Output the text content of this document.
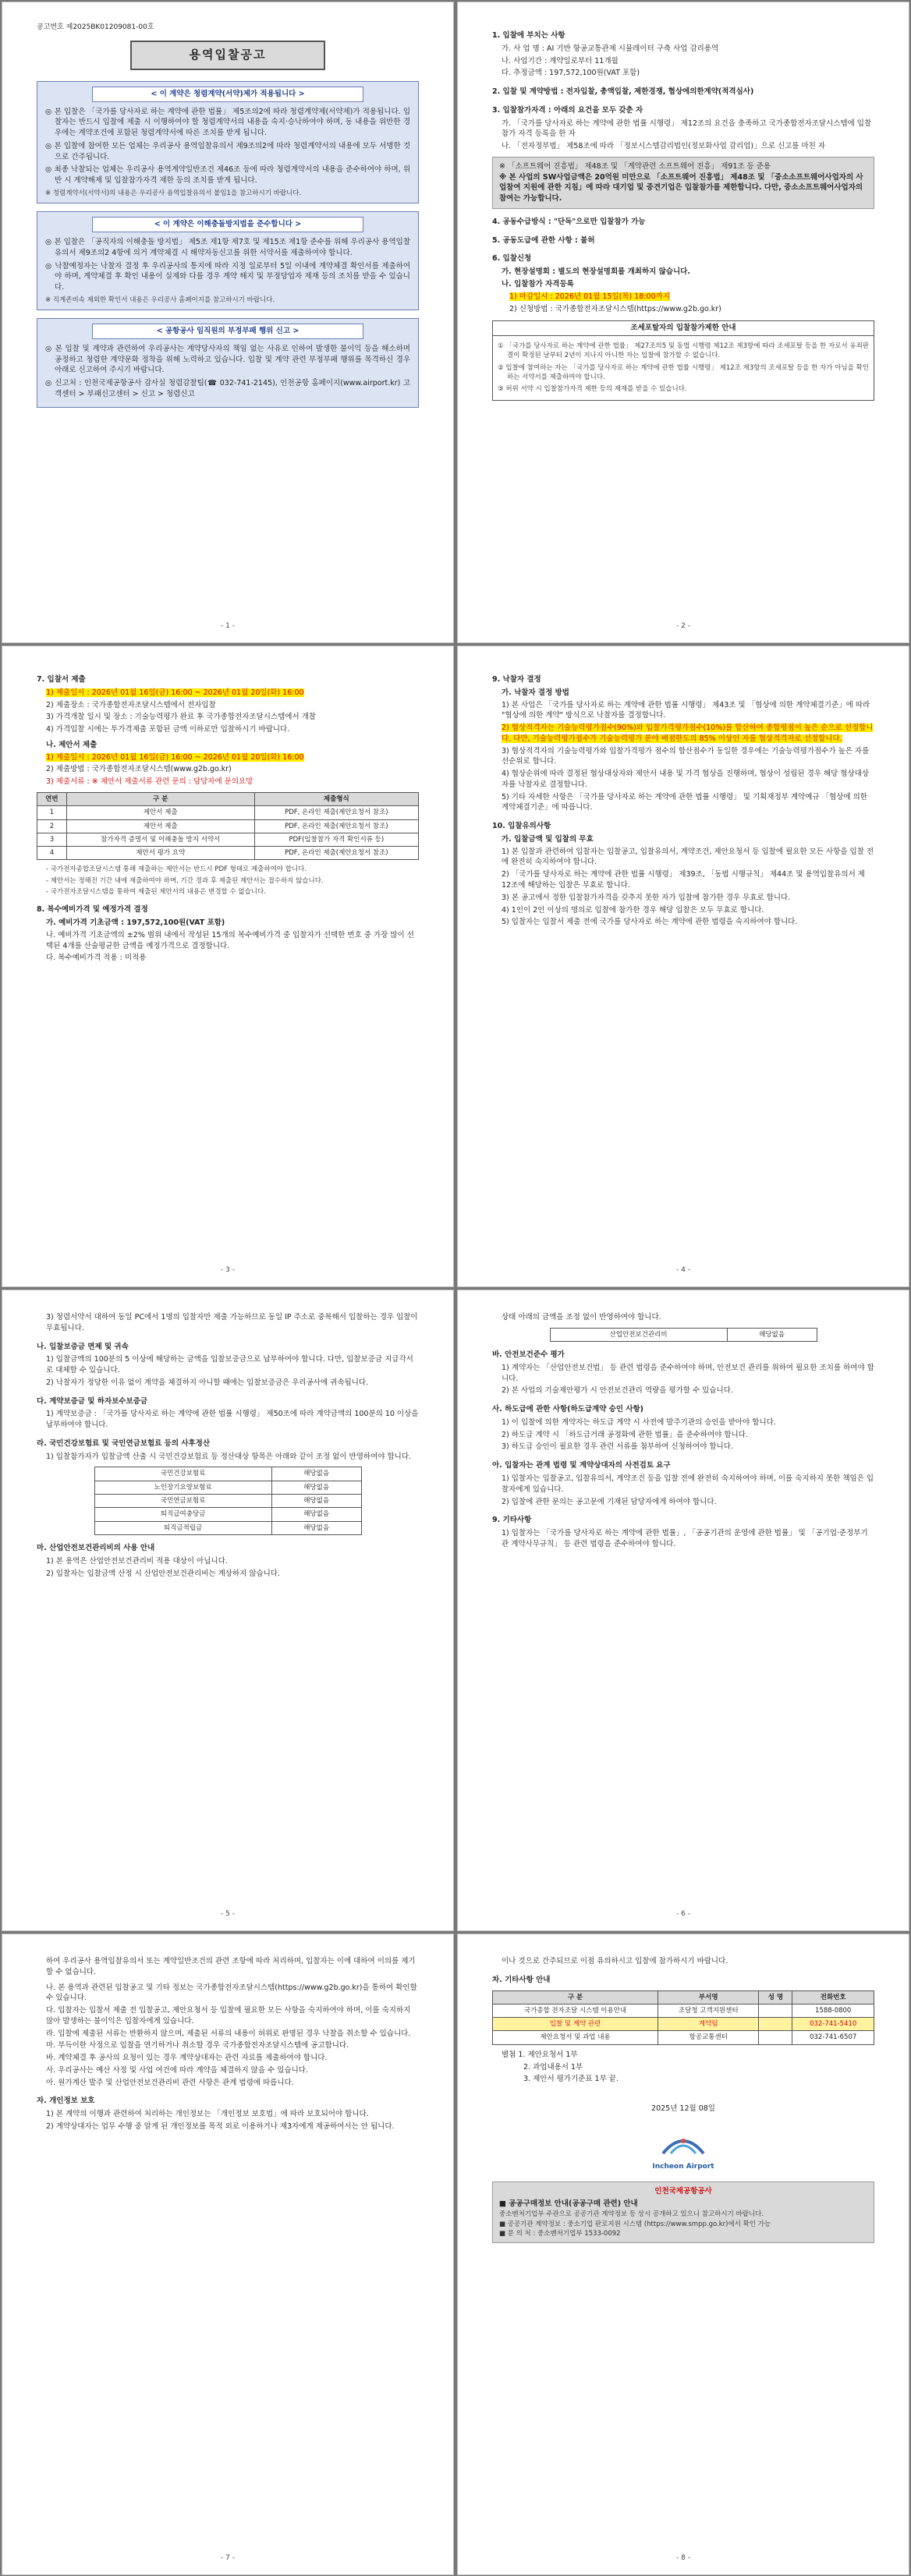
공고번호 제2025BK01209081-00호
용역입찰공고
< 이 계약은 청렴계약(서약)제가 적용됩니다 >
◎ 본 입찰은 「국가를 당사자로 하는 계약에 관한 법률」 제5조의2에 따라 청렴계약제(서약제)가 적용됩니다. 입찰자는 반드시 입찰에 제출 시 이행하여야 할 청렴계약서의 내용을 숙지·승낙하여야 하며, 동 내용을 위반한 경우에는 계약조건에 포함된 청렴계약서에 따른 조치를 받게 됩니다.
◎ 본 입찰에 참여한 모든 업체는 우리공사 용역입찰유의서 제9조의2에 따라 청렴계약서의 내용에 모두 서명한 것으로 간주됩니다.
◎ 최종 낙찰되는 업체는 우리공사 용역계약일반조건 제46조 등에 따라 청렴계약서의 내용을 준수하여야 하며, 위반 시 계약해제 및 입찰참가자격 제한 등의 조치를 받게 됩니다.
※ 청렴계약서(서약서)의 내용은 우리공사 용역입찰유의서 붙임1을 참고하시기 바랍니다.
< 이 계약은 이해충돌방지법을 준수합니다 >
◎ 본 입찰은 「공직자의 이해충돌 방지법」 제5조 제1항 제7호 및 제15조 제1항 준수를 위해 우리공사 용역입찰유의서 제9조의2 4항에 의거 계약체결 시 해약자동신고를 위한 서약서를 제출하여야 합니다.
◎ 낙찰예정자는 낙찰자 결정 후 우리공사의 통지에 따라 지정 일로부터 5일 이내에 계약체결 확인서를 제출하여야 하며, 계약체결 후 확인 내용이 실제와 다를 경우 계약 해지 및 부정당업자 제재 등의 조치를 받을 수 있습니다.
※ 직계존비속 제외한 확인서 내용은 우리공사 홈페이지를 참고하시기 바랍니다.
< 공항공사 임직원의 부정부패 행위 신고 >
◎ 본 입찰 및 계약과 관련하여 우리공사는 계약당사자의 책임 없는 사유로 인하여 발생한 불이익 등을 해소하며 공정하고 청렴한 계약문화 정착을 위해 노력하고 있습니다. 입찰 및 계약 관련 부정부패 행위를 목격하신 경우 아래로 신고하여 주시기 바랍니다.
◎ 신고처 : 인천국제공항공사 감사실 청렴감찰팀(☎ 032-741-2145), 인천공항 홈페이지(www.airport.kr) 고객센터 > 부패신고센터 > 신고 > 청렴신고
- 1 -
1. 입찰에 부치는 사항
가. 사 업 명 : AI 기반 항공교통관제 시뮬레이터 구축 사업 감리용역
나. 사업기간 : 계약일로부터 11개월
다. 추정금액 : 197,572,100원(VAT 포함)
2. 입찰 및 계약방법 : 전자입찰, 총액입찰, 제한경쟁, 협상에의한계약(적격심사)
3. 입찰참가자격 : 아래의 요건을 모두 갖춘 자
가. 「국가를 당사자로 하는 계약에 관한 법률 시행령」 제12조의 요건을 충족하고 국가종합전자조달시스템에 입찰참가 자격 등록을 한 자
나. 「전자정부법」 제58조에 따라 「정보시스템감리법인(정보화사업 감리업)」으로 신고를 마친 자
※ 「소프트웨어 진흥법」 제48조 및 「계약관련 소프트웨어 진흥」 제91조 등 준용
※ 본 사업의 SW사업금액은 20억원 미만으로 「소프트웨어 진흥법」 제48조 및 「중소소프트웨어사업자의 사업참여 지원에 관한 지침」에 따라 대기업 및 중견기업은 입찰참가를 제한합니다. 다만, 중소소프트웨어사업자의 참여는 가능합니다.
4. 공동수급방식 : "단독"으로만 입찰참가 가능
5. 공동도급에 관한 사항 : 불허
6. 입찰신청
가. 현장설명회 : 별도의 현장설명회를 개최하지 않습니다.
나. 입찰참가 자격등록
1) 마감일시 : 2026년 01월 15일(목) 18:00까지
2) 신청방법 : 국가종합전자조달시스템(https://www.g2b.go.kr)
조세포탈자의 입찰참가제한 안내
① 「국가를 당사자로 하는 계약에 관한 법률」 제27조의5 및 동법 시행령 제12조 제3항에 따라 조세포탈 등을 한 자로서 유죄판결이 확정된 날부터 2년이 지나지 아니한 자는 입찰에 참가할 수 없습니다.
② 입찰에 참여하는 자는 「국가를 당사자로 하는 계약에 관한 법률 시행령」 제12조 제3항의 조세포탈 등을 한 자가 아님을 확인하는 서약서를 제출하여야 합니다.
③ 허위 서약 시 입찰참가자격 제한 등의 제재를 받을 수 있습니다.
- 2 -
7. 입찰서 제출
1) 제출일시 : 2026년 01월 16일(금) 16:00 ~ 2026년 01월 20일(화) 16:00
2) 제출장소 : 국가종합전자조달시스템에서 전자입찰
3) 가격개찰 일시 및 장소 : 기술능력평가 완료 후 국가종합전자조달시스템에서 개찰
4) 가격입찰 시에는 투가격제출 포함된 금액 이하로만 입찰하시기 바랍니다.
나. 제안서 제출
1) 제출일시 : 2026년 01월 16일(금) 16:00 ~ 2026년 01월 20일(화) 16:00
2) 제출방법 : 국가종합전자조달시스템(www.g2b.go.kr)
3) 제출서류 : ※ 제안서 제출서류 관련 문의 : 담당자에 문의요망
연번	구 분	제출형식
1	제안서 제출	PDF, 온라인 제출(제안요청서 참조)
2	제안서 제출	PDF, 온라인 제출(제안요청서 참조)
3	참가자격 증명서 및 이해충돌 방지 서약서	PDF(입찰참가 자격 확인서류 등)
4	제안서 평가 요약	PDF, 온라인 제출(제안요청서 참조)
- 국가전자종합조달시스템 통해 제출하는 제안서는 반드시 PDF 형태로 제출하여야 합니다.
- 제안서는 정해진 기간 내에 제출하여야 하며, 기간 경과 후 제출된 제안서는 접수하지 않습니다.
- 국가전자조달시스템을 통하여 제출된 제안서의 내용은 변경할 수 없습니다.
8. 복수예비가격 및 예정가격 결정
가. 예비가격 기초금액 : 197,572,100원(VAT 포함)
나. 예비가격 기초금액의 ±2% 범위 내에서 작성된 15개의 복수예비가격 중 입찰자가 선택한 번호 중 가장 많이 선택된 4개를 산술평균한 금액을 예정가격으로 결정합니다.
다. 복수예비가격 적용 : 미적용
- 3 -
9. 낙찰자 결정
가. 낙찰자 결정 방법
1) 본 사업은 「국가를 당사자로 하는 계약에 관한 법률 시행령」 제43조 및 「협상에 의한 계약체결기준」에 따라 "협상에 의한 계약" 방식으로 낙찰자를 결정합니다.
2) 협상적격자는 기술능력평가점수(90%)와 입찰가격평가점수(10%)를 합산하여 종합평점이 높은 순으로 선정합니다. 다만, 기술능력평가점수가 기술능력평가 분야 배점한도의 85% 이상인 자를 협상적격자로 선정합니다.
3) 협상적격자의 기술능력평가와 입찰가격평가 점수의 합산점수가 동일한 경우에는 기술능력평가점수가 높은 자를 선순위로 합니다.
4) 협상순위에 따라 결정된 협상대상자와 제안서 내용 및 가격 협상을 진행하며, 협상이 성립된 경우 해당 협상대상자를 낙찰자로 결정합니다.
5) 기타 자세한 사항은 「국가를 당사자로 하는 계약에 관한 법률 시행령」 및 기획재정부 계약예규 「협상에 의한 계약체결기준」에 따릅니다.
10. 입찰유의사항
가. 입찰금액 및 입찰의 무효
1) 본 입찰과 관련하여 입찰자는 입찰공고, 입찰유의서, 계약조건, 제안요청서 등 입찰에 필요한 모든 사항을 입찰 전에 완전히 숙지하여야 합니다.
2) 「국가를 당사자로 하는 계약에 관한 법률 시행령」 제39조, 「동법 시행규칙」 제44조 및 용역입찰유의서 제12조에 해당하는 입찰은 무효로 합니다.
3) 본 공고에서 정한 입찰참가자격을 갖추지 못한 자가 입찰에 참가한 경우 무효로 합니다.
4) 1인이 2인 이상의 명의로 입찰에 참가한 경우 해당 입찰은 모두 무효로 합니다.
5) 입찰자는 입찰서 제출 전에 국가를 당사자로 하는 계약에 관한 법령을 숙지하여야 합니다.
- 4 -
3) 청렴서약서 대하여 동일 PC에서 1명의 입찰자만 제출 가능하므로 동일 IP 주소로 중복해서 입찰하는 경우 입찰이 무효됩니다.
나. 입찰보증금 면제 및 귀속
1) 입찰금액의 100분의 5 이상에 해당하는 금액을 입찰보증금으로 납부하여야 합니다. 다만, 입찰보증금 지급각서로 대체할 수 있습니다.
2) 낙찰자가 정당한 이유 없이 계약을 체결하지 아니할 때에는 입찰보증금은 우리공사에 귀속됩니다.
다. 계약보증금 및 하자보수보증금
1) 계약보증금 : 「국가를 당사자로 하는 계약에 관한 법률 시행령」 제50조에 따라 계약금액의 100분의 10 이상을 납부하여야 합니다.
라. 국민건강보험료 및 국민연금보험료 등의 사후정산
1) 입찰참가자가 입찰금액 산출 시 국민건강보험료 등 정산대상 항목은 아래와 같이 조정 없이 반영하여야 합니다.
국민건강보험료	해당없음
노인장기요양보험료	해당없음
국민연금보험료	해당없음
퇴직급여충당금	해당없음
퇴직금적립금	해당없음
마. 산업안전보건관리비의 사용 안내
1) 본 용역은 산업안전보건관리비 적용 대상이 아닙니다.
2) 입찰자는 입찰금액 산정 시 산업안전보건관리비는 계상하지 않습니다.
- 5 -
상태 아래의 금액을 조정 없이 반영하여야 합니다.
산업안전보건관리비	해당없음
바. 안전보건준수 평가
1) 계약자는 「산업안전보건법」 등 관련 법령을 준수하여야 하며, 안전보건 관리를 위하여 필요한 조치를 하여야 합니다.
2) 본 사업의 기술제안평가 시 안전보건관리 역량을 평가할 수 있습니다.
사. 하도급에 관한 사항(하도급계약 승인 사항)
1) 이 입찰에 의한 계약자는 하도급 계약 시 사전에 발주기관의 승인을 받아야 합니다.
2) 하도급 계약 시 「하도급거래 공정화에 관한 법률」을 준수하여야 합니다.
3) 하도급 승인이 필요한 경우 관련 서류를 첨부하여 신청하여야 합니다.
아. 입찰자는 관계 법령 및 계약상대자의 사전검토 요구
1) 입찰자는 입찰공고, 입찰유의서, 계약조건 등을 입찰 전에 완전히 숙지하여야 하며, 이를 숙지하지 못한 책임은 입찰자에게 있습니다.
2) 입찰에 관한 문의는 공고문에 기재된 담당자에게 하여야 합니다.
9. 기타사항
1) 입찰자는 「국가를 당사자로 하는 계약에 관한 법률」, 「공공기관의 운영에 관한 법률」 및 「공기업·준정부기관 계약사무규칙」 등 관련 법령을 준수하여야 합니다.
- 6 -
하여 우리공사 용역입찰유의서 또는 계약일반조건의 관련 조항에 따라 처리하며, 입찰자는 이에 대하여 이의를 제기할 수 없습니다.
나. 본 용역과 관련된 입찰공고 및 기타 정보는 국가종합전자조달시스템(https://www.g2b.go.kr)을 통하여 확인할 수 있습니다.
다. 입찰자는 입찰서 제출 전 입찰공고, 제안요청서 등 입찰에 필요한 모든 사항을 숙지하여야 하며, 이를 숙지하지 않아 발생하는 불이익은 입찰자에게 있습니다.
라. 입찰에 제출된 서류는 반환하지 않으며, 제출된 서류의 내용이 허위로 판명된 경우 낙찰을 취소할 수 있습니다.
마. 부득이한 사정으로 입찰을 연기하거나 취소할 경우 국가종합전자조달시스템에 공고합니다.
바. 계약체결 후 공사의 요청이 있는 경우 계약상대자는 관련 자료를 제출하여야 합니다.
사. 우리공사는 예산 사정 및 사업 여건에 따라 계약을 체결하지 않을 수 있습니다.
아. 원가계산 발주 및 산업안전보건관리비 관련 사항은 관계 법령에 따릅니다.
자. 개인정보 보호
1) 본 계약의 이행과 관련하여 처리하는 개인정보는 「개인정보 보호법」에 따라 보호되어야 합니다.
2) 계약상대자는 업무 수행 중 알게 된 개인정보를 목적 외로 이용하거나 제3자에게 제공하여서는 안 됩니다.
- 7 -
이나 것으로 간주되므로 이점 유의하시고 입찰에 참가하시기 바랍니다.
차. 기타사항 안내
구 분	부서명	성 명	전화번호
국가종합 전자조달 시스템 이용안내	조달청 고객지원센터		1588-0800
입찰 및 계약 관련	계약팀		032-741-5410
제안요청서 및 과업 내용	항공교통센터		032-741-6507
별첨 1. 제안요청서 1부
2. 과업내용서 1부
3. 제안서 평가기준표 1부 끝.
2025년 12월 08일
Incheon Airport
인천국제공항공사
■ 공공구매정보 안내(공공구매 관련) 안내
중소벤처기업부 주관으로 공공기관 계약정보 등 상시 공개하고 있으니 참고하시기 바랍니다.
■ 공공기관 계약정보 : 중소기업 판로지원 시스템 (https://www.smpp.go.kr)에서 확인 가능
■ 문 의 처 : 중소벤처기업부 1533-0092
- 8 -
